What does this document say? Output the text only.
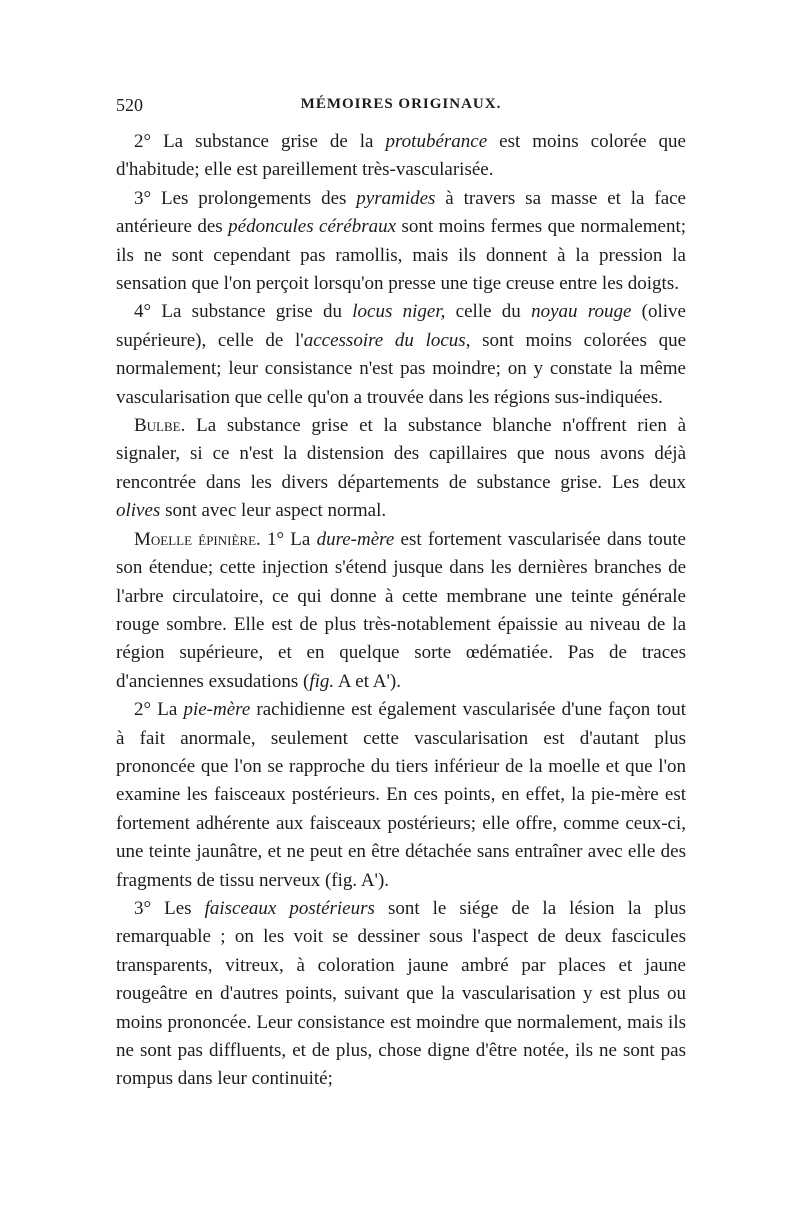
520	MÉMOIRES ORIGINAUX.

2° La substance grise de la protubérance est moins colorée que d'habitude; elle est pareillement très-vascularisée.

3° Les prolongements des pyramides à travers sa masse et la face antérieure des pédoncules cérébraux sont moins fermes que normalement; ils ne sont cependant pas ramollis, mais ils donnent à la pression la sensation que l'on perçoit lorsqu'on presse une tige creuse entre les doigts.

4° La substance grise du locus niger, celle du noyau rouge (olive supérieure), celle de l'accessoire du locus, sont moins colorées que normalement; leur consistance n'est pas moindre; on y constate la même vascularisation que celle qu'on a trouvée dans les régions sus-indiquées.

Bulbe. La substance grise et la substance blanche n'offrent rien à signaler, si ce n'est la distension des capillaires que nous avons déjà rencontrée dans les divers départements de substance grise. Les deux olives sont avec leur aspect normal.

Moelle épinière. 1° La dure-mère est fortement vascularisée dans toute son étendue; cette injection s'étend jusque dans les dernières branches de l'arbre circulatoire, ce qui donne à cette membrane une teinte générale rouge sombre. Elle est de plus très-notablement épaissie au niveau de la région supérieure, et en quelque sorte œdématiée. Pas de traces d'anciennes exsudations (fig. A et A').

2° La pie-mère rachidienne est également vascularisée d'une façon tout à fait anormale, seulement cette vascularisation est d'autant plus prononcée que l'on se rapproche du tiers inférieur de la moelle et que l'on examine les faisceaux postérieurs. En ces points, en effet, la pie-mère est fortement adhérente aux faisceaux postérieurs; elle offre, comme ceux-ci, une teinte jaunâtre, et ne peut en être détachée sans entraîner avec elle des fragments de tissu nerveux (fig. A').

3° Les faisceaux postérieurs sont le siége de la lésion la plus remarquable ; on les voit se dessiner sous l'aspect de deux fascicules transparents, vitreux, à coloration jaune ambré par places et jaune rougeâtre en d'autres points, suivant que la vascularisation y est plus ou moins prononcée. Leur consistance est moindre que normalement, mais ils ne sont pas diffluents, et de plus, chose digne d'être notée, ils ne sont pas rompus dans leur continuité;
